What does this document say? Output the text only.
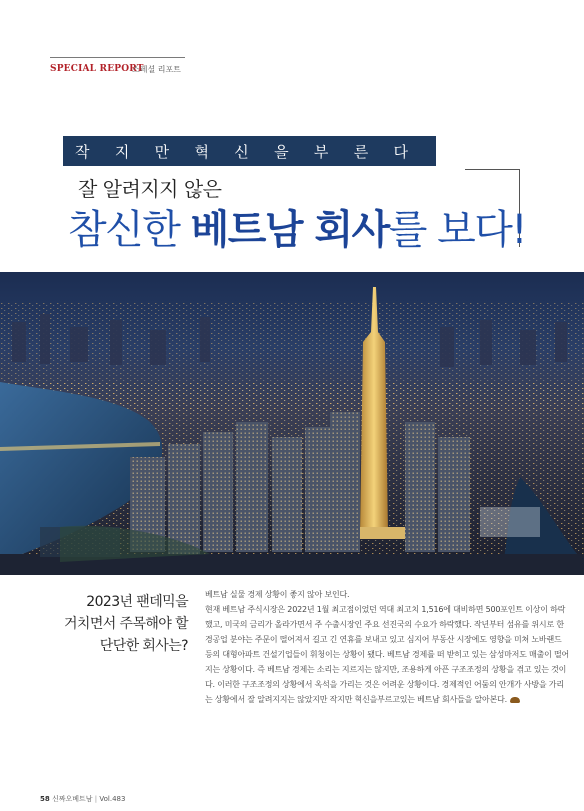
SPECIAL REPORT
스페셜 리포트
작 지 만 혁 신 을 부 른 다
잘 알려지지 않은
참신한 베트남 회사를 보다!
2023년 팬데믹을
거치면서 주목해야 할
단단한 회사는?

베트남 실물 경제 상황이 좋지 않아 보인다.

현재 베트남 주식시장은 2022년 1월 최고점이었던 역대 최고치 1,516에 대비하면 500포인트 이상이 하락했고, 미국의 금리가 올라가면서 주 수출시장인 주요 선진국의 수요가 하락했다. 작년부터 섬유를 위시로 한 경공업 분야는 주문이 떨어져서 길고 긴 연휴를 보내고 있고 심지어 부동산 시장에도 영향을 미쳐 노바랜드 등의 대형아파트 건설기업들이 휘청이는 상황이 됐다. 베트남 경제를 떠 받히고 있는 삼성마저도 매출이 떨어지는 상황이다. 즉 베트남 경제는 소리는 지르지는 않지만, 조용하게 아픈 구조조정의 상황을 겪고 있는 것이다. 이러한 구조조정의 상황에서 옥석을 가리는 것은 어려운 상황이다. 경제적인 어둠의 안개가 사방을 가리는 상황에서 잘 알려지지는 않았지만 작지만 혁신을부르고있는 베트남 회사들을 알아본다.

58 신짜오베트남 | Vol.483
